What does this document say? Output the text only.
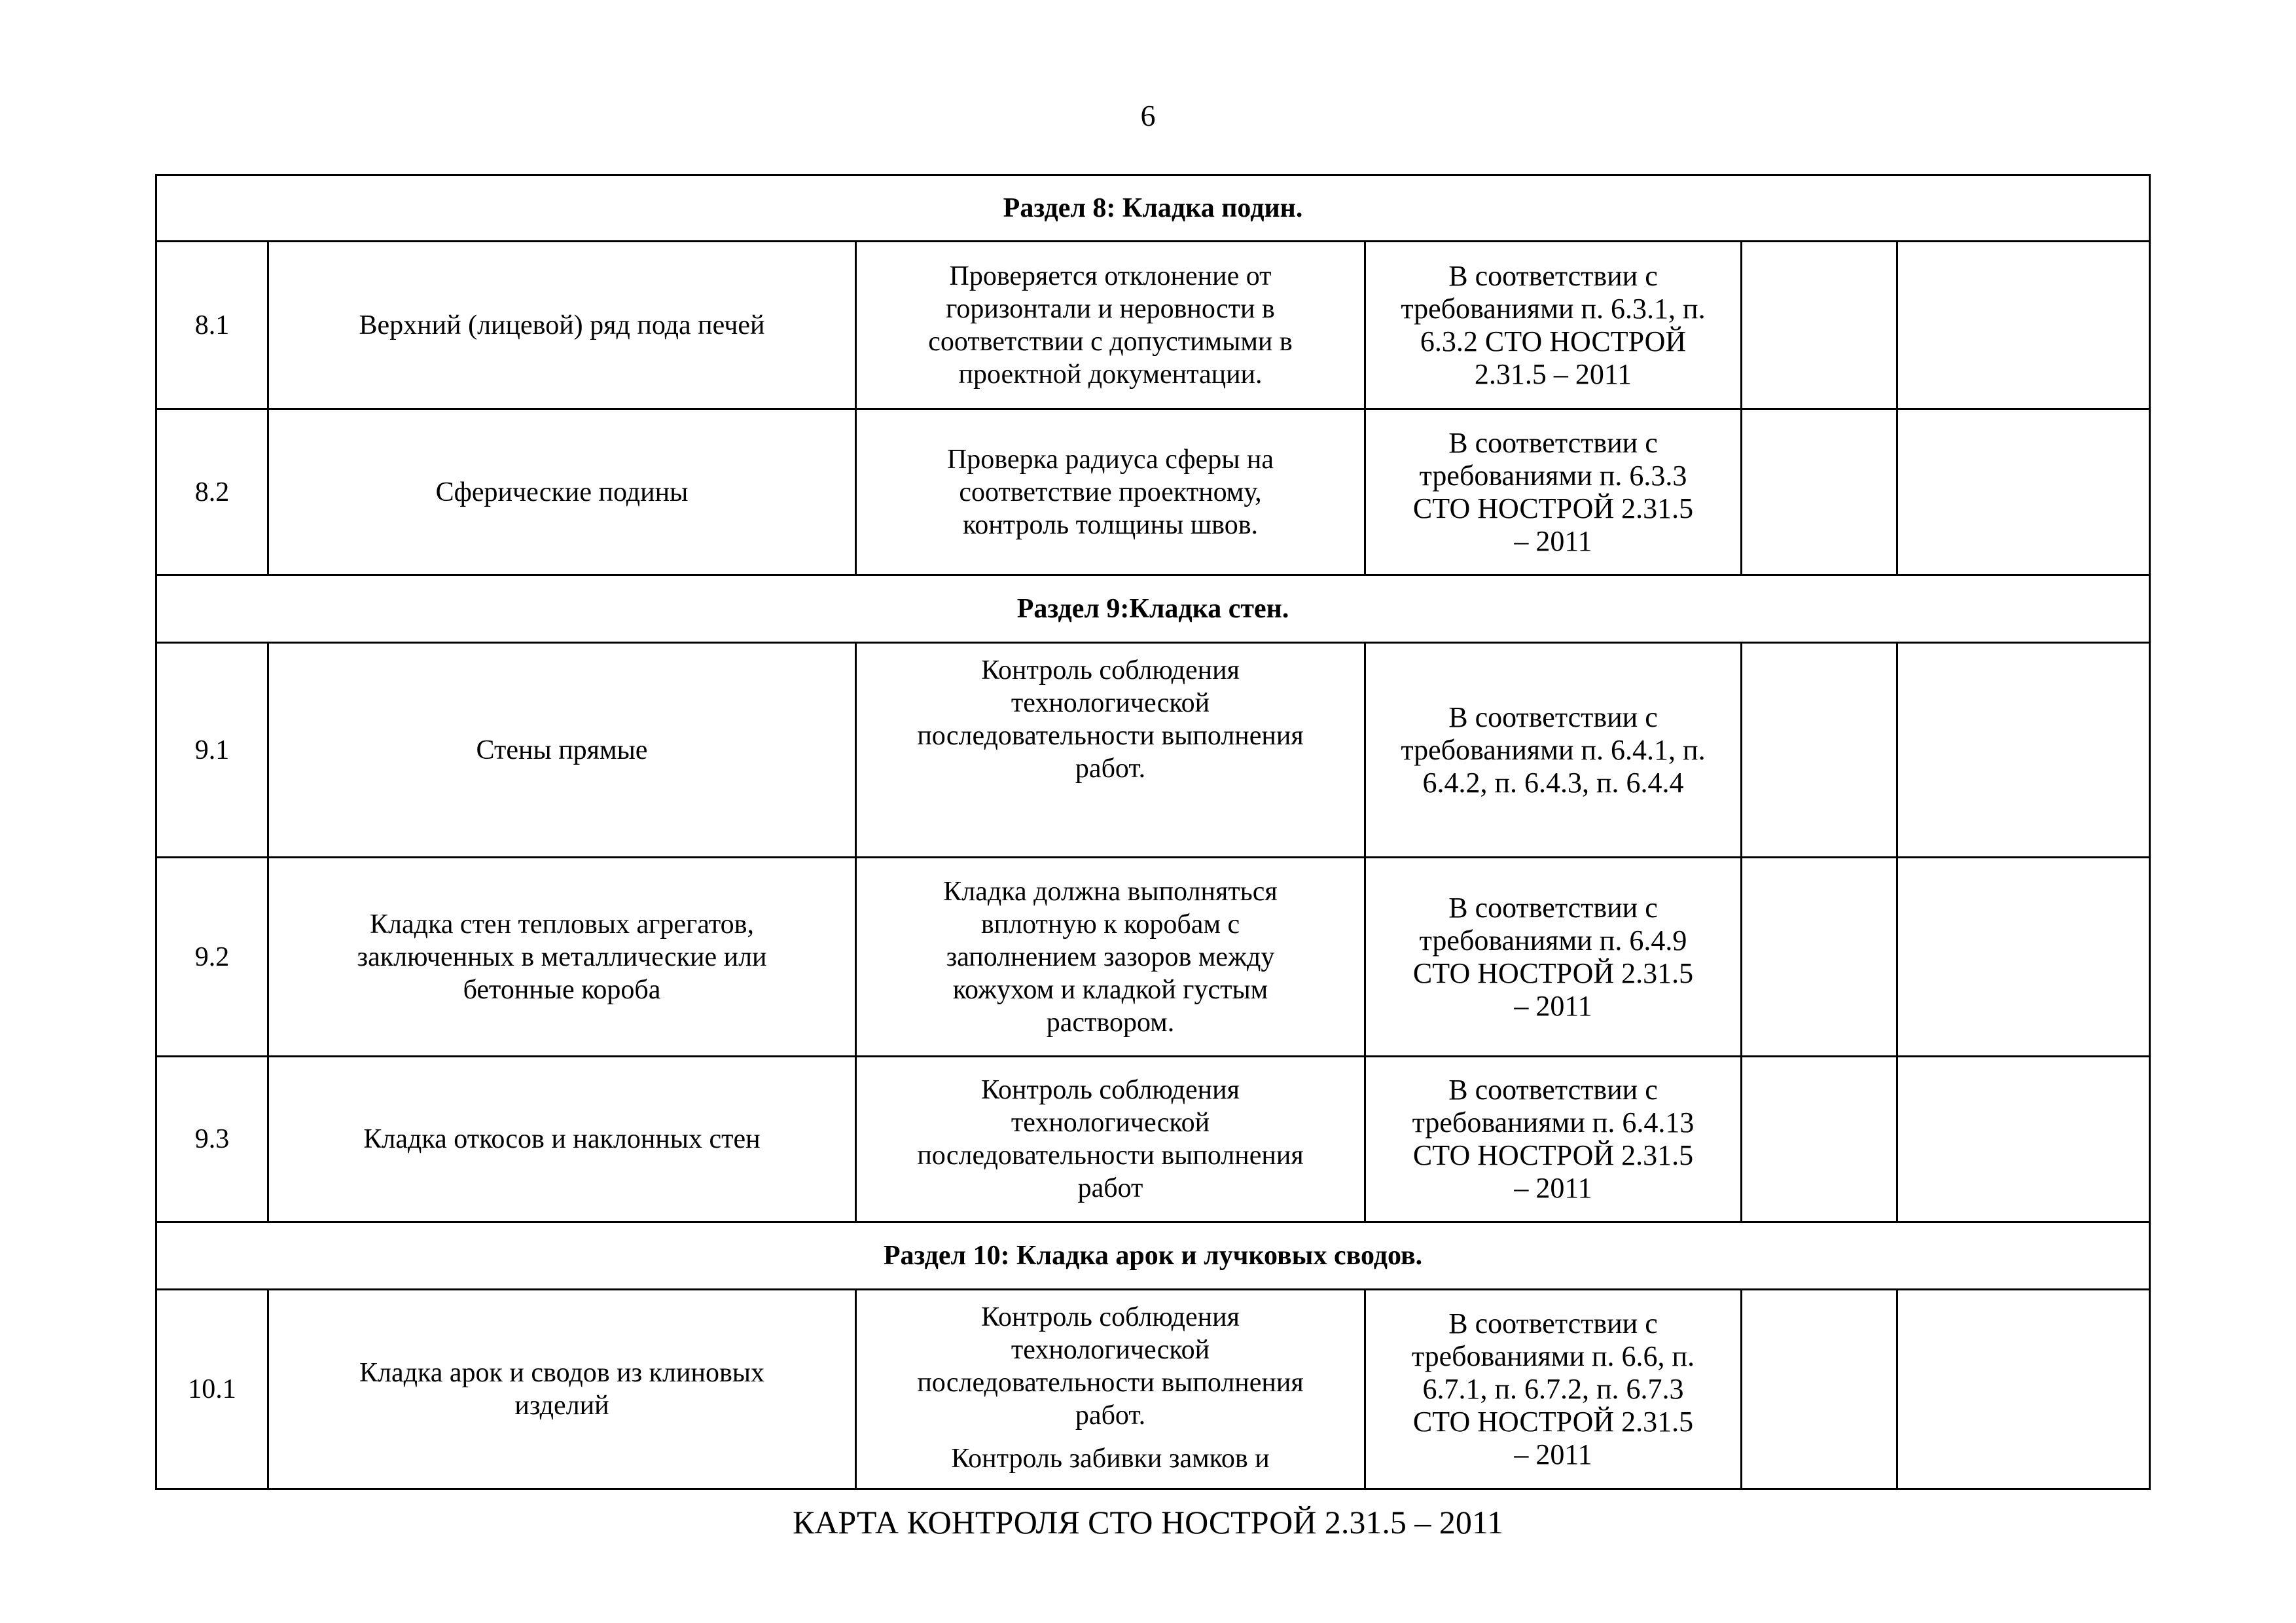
6
Раздел 8: Кладка подин.					
8.1	Верхний (лицевой) ряд пода печей	Проверяется отклонение от
горизонтали и неровности в
соответствии с допустимыми в
проектной документации.	В соответствии с
требованиями п. 6.3.1, п.
6.3.2 СТО НОСТРОЙ
2.31.5 – 2011		

8.2	Сферические подины	Проверка радиуса сферы на
соответствие проектному,
контроль толщины швов.	В соответствии с
требованиями п. 6.3.3
СТО НОСТРОЙ 2.31.5
– 2011		

Раздел 9:Кладка стен.					
9.1	Стены прямые	Контроль соблюдения
технологической
последовательности выполнения
работ.	В соответствии с
требованиями п. 6.4.1, п.
6.4.2, п. 6.4.3, п. 6.4.4		

9.2	Кладка стен тепловых агрегатов,
заключенных в металлические или
бетонные короба	Кладка должна выполняться
вплотную к коробам с
заполнением зазоров между
кожухом и кладкой густым
раствором.	В соответствии с
требованиями п. 6.4.9
СТО НОСТРОЙ 2.31.5
– 2011		

9.3	Кладка откосов и наклонных стен	Контроль соблюдения
технологической
последовательности выполнения
работ	В соответствии с
требованиями п. 6.4.13
СТО НОСТРОЙ 2.31.5
– 2011		

Раздел 10: Кладка арок и лучковых сводов.					
10.1	Кладка арок и сводов из клиновых
изделий	Контроль соблюдения
технологической
последовательности выполнения
работ.
Контроль забивки замков и	В соответствии с
требованиями п. 6.6, п.
6.7.1, п. 6.7.2, п. 6.7.3
СТО НОСТРОЙ 2.31.5
– 2011		

КАРТА КОНТРОЛЯ СТО НОСТРОЙ 2.31.5 – 2011
